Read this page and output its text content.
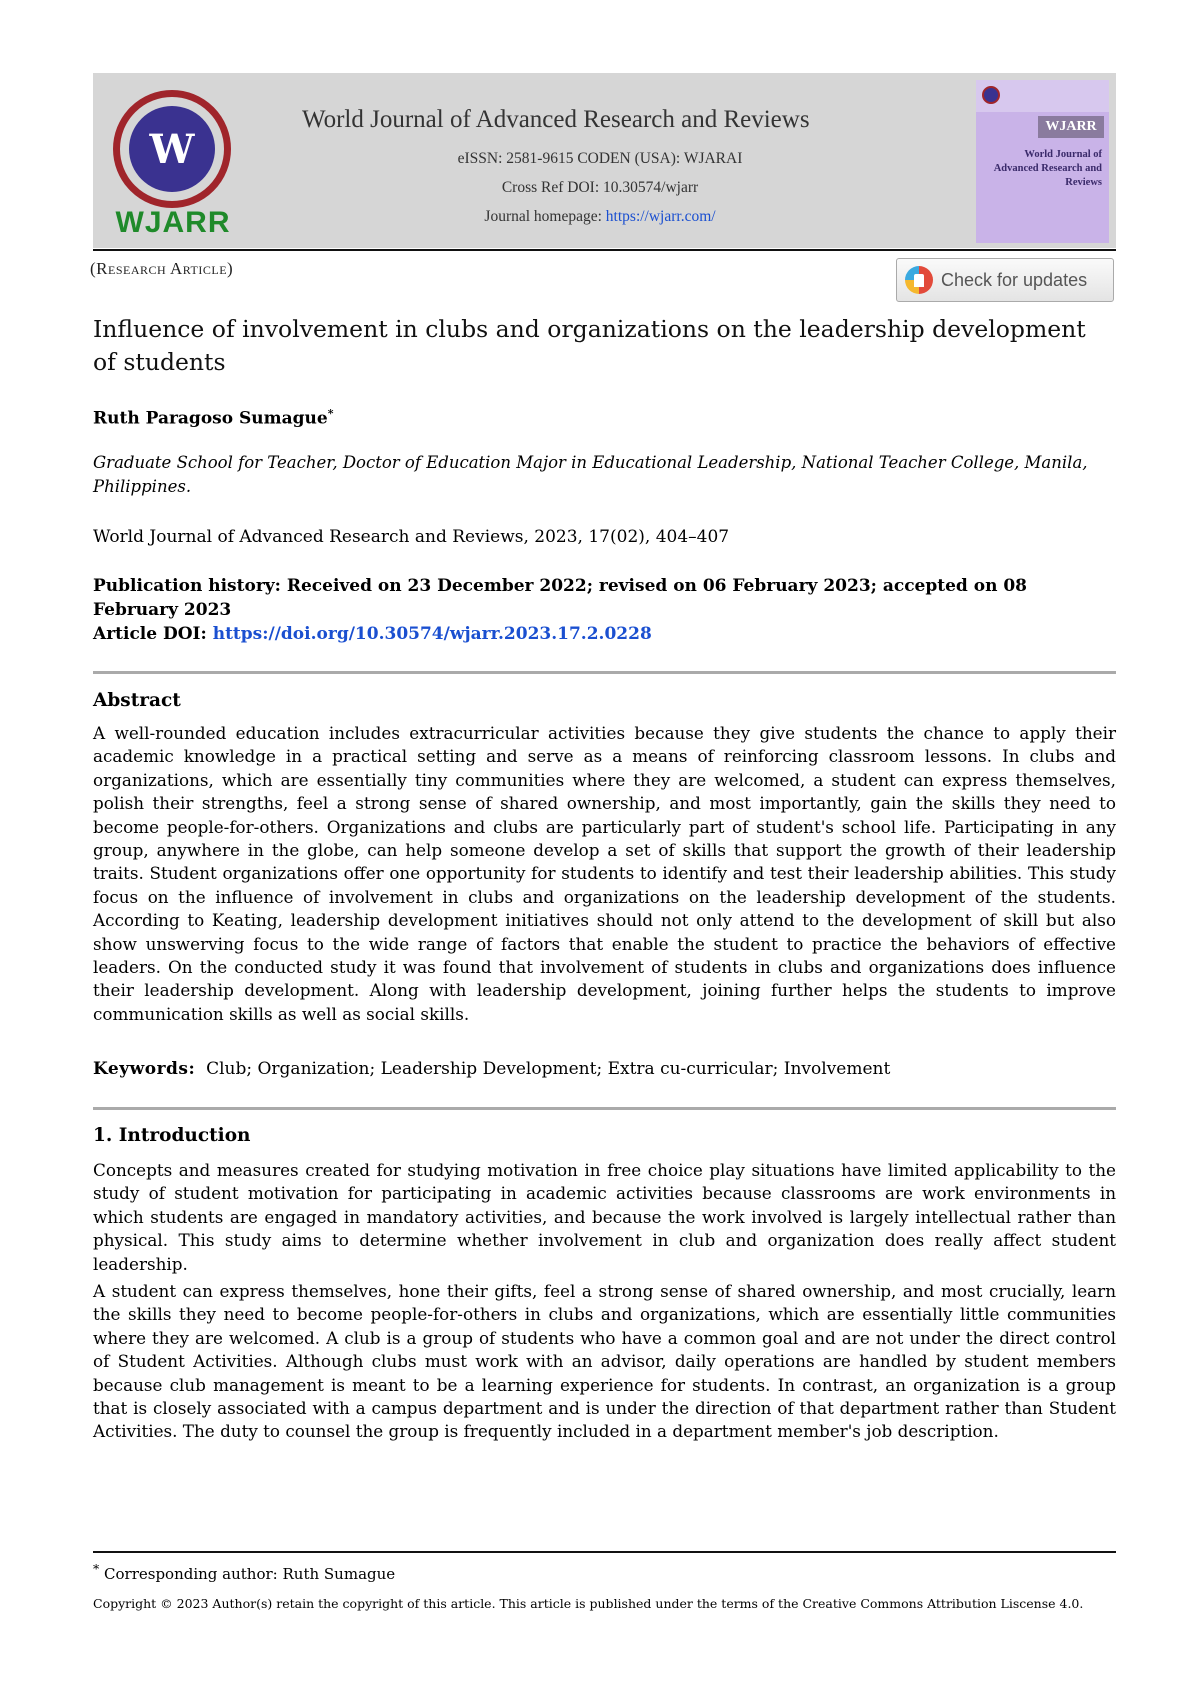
W
WJARR
World Journal of Advanced Research and Reviews
eISSN: 2581-9615 CODEN (USA): WJARAI
Cross Ref DOI: 10.30574/wjarr
Journal homepage: https://wjarr.com/
WJARR
World Journal of Advanced Research and Reviews
(Research Article)
Check for updates
Influence of involvement in clubs and organizations on the leadership development of students
Ruth Paragoso Sumague*
Graduate School for Teacher, Doctor of Education Major in Educational Leadership, National Teacher College, Manila, Philippines.
World Journal of Advanced Research and Reviews, 2023, 17(02), 404–407
Publication history: Received on 23 December 2022; revised on 06 February 2023; accepted on 08 February 2023
Article DOI: https://doi.org/10.30574/wjarr.2023.17.2.0228
Abstract
A well-rounded education includes extracurricular activities because they give students the chance to apply their academic knowledge in a practical setting and serve as a means of reinforcing classroom lessons. In clubs and organizations, which are essentially tiny communities where they are welcomed, a student can express themselves, polish their strengths, feel a strong sense of shared ownership, and most importantly, gain the skills they need to become people-for-others. Organizations and clubs are particularly part of student's school life. Participating in any group, anywhere in the globe, can help someone develop a set of skills that support the growth of their leadership traits. Student organizations offer one opportunity for students to identify and test their leadership abilities. This study focus on the influence of involvement in clubs and organizations on the leadership development of the students. According to Keating, leadership development initiatives should not only attend to the development of skill but also show unswerving focus to the wide range of factors that enable the student to practice the behaviors of effective leaders. On the conducted study it was found that involvement of students in clubs and organizations does influence their leadership development. Along with leadership development, joining further helps the students to improve communication skills as well as social skills.
Keywords: Club; Organization; Leadership Development; Extra cu-curricular; Involvement
1. Introduction
Concepts and measures created for studying motivation in free choice play situations have limited applicability to the study of student motivation for participating in academic activities because classrooms are work environments in which students are engaged in mandatory activities, and because the work involved is largely intellectual rather than physical. This study aims to determine whether involvement in club and organization does really affect student leadership.
A student can express themselves, hone their gifts, feel a strong sense of shared ownership, and most crucially, learn the skills they need to become people-for-others in clubs and organizations, which are essentially little communities where they are welcomed. A club is a group of students who have a common goal and are not under the direct control of Student Activities. Although clubs must work with an advisor, daily operations are handled by student members because club management is meant to be a learning experience for students. In contrast, an organization is a group that is closely associated with a campus department and is under the direction of that department rather than Student Activities. The duty to counsel the group is frequently included in a department member's job description.
* Corresponding author: Ruth Sumague
Copyright © 2023 Author(s) retain the copyright of this article. This article is published under the terms of the Creative Commons Attribution Liscense 4.0.
